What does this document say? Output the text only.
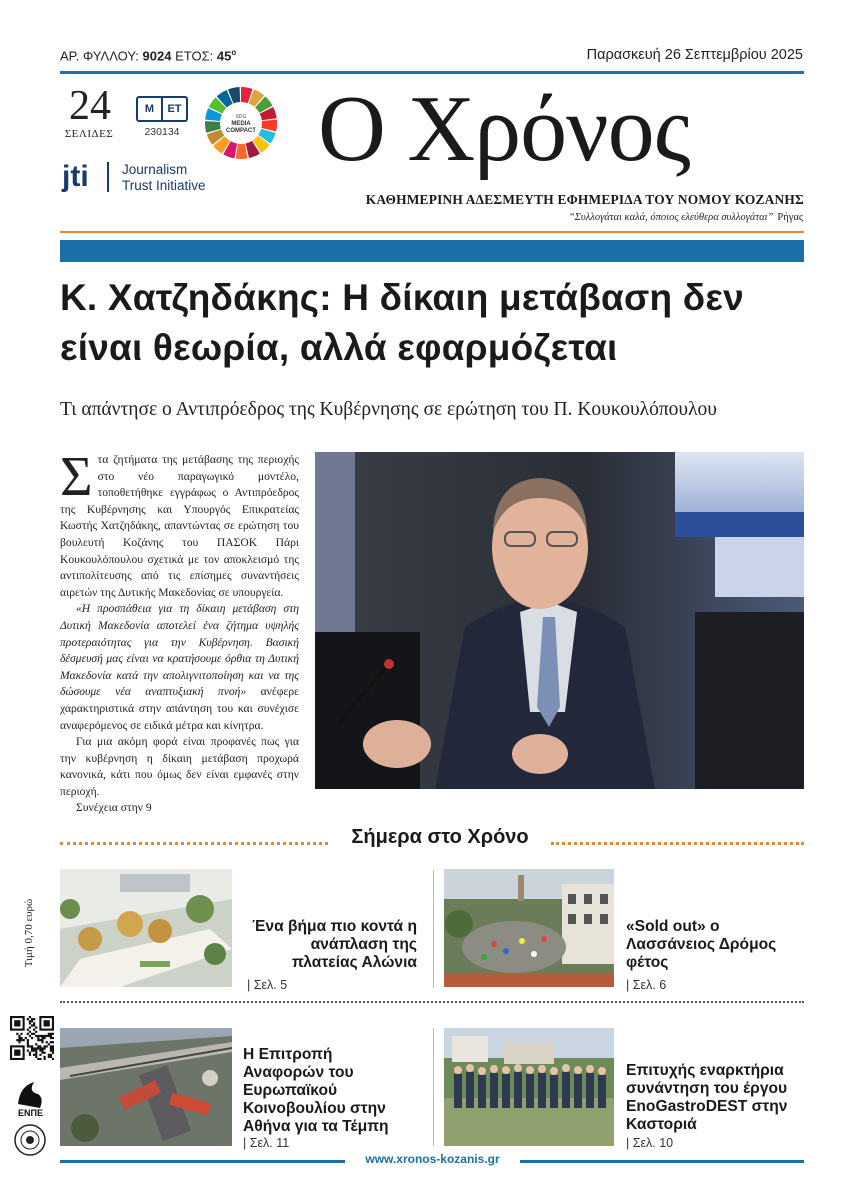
ΑΡ. ΦΥΛΛΟΥ: 9024 ΕΤΟΣ: $45^o$	Παρασκευή 26 Σεπτεμβρίου 2025
24
ΣΕΛΙΔΕΣ
Μ	ΕΤ
230134
SDG
MEDIA
COMPACT
jti Journalism
Trust Initiative
Ο Χρόνος
ΚΑΘΗΜΕΡΙΝΗ ΑΔΕΣΜΕΥΤΗ ΕΦΗΜΕΡΙΔΑ ΤΟΥ ΝΟΜΟΥ ΚΟΖΑΝΗΣ
“Συλλογάται καλά, όποιος ελεύθερα συλλογάται” Ρήγας
Κ. Χατζηδάκης: Η δίκαιη μετάβαση δεν είναι θεωρία, αλλά εφαρμόζεται
Τι απάντησε ο Αντιπρόεδρος της Κυβέρνησης σε ερώτηση του Π. Κουκουλόπουλου

Στα ζητήματα της μετάβασης της περιοχής στο νέο παραγωγικό μοντέλο, τοποθετήθηκε εγγράφως ο Αντιπρόεδρος της Κυβέρνησης και Υπουργός Επικρατείας Κωστής Χατζηδάκης, απαντώντας σε ερώτηση του βουλευτή Κοζάνης του ΠΑΣΟΚ Πάρι Κουκουλόπουλου σχετικά με τον αποκλεισμό της αντιπολίτευσης από τις επίσημες συναντήσεις αιρετών της Δυτικής Μακεδονίας σε υπουργεία.

«Η προσπάθεια για τη δίκαιη μετάβαση στη Δυτική Μακεδονία αποτελεί ένα ζήτημα υψηλής προτεραιότητας για την Κυβέρνηση. Βασική δέσμευσή μας είναι να κρατήσουμε όρθια τη Δυτική Μακεδονία κατά την απολιγνιτοποίηση και να της δώσουμε νέα αναπτυξιακή πνοή» ανέφερε χαρακτηριστικά στην απάντηση του και συνέχισε αναφερόμενος σε ειδικά μέτρα και κίνητρα.

Για μια ακόμη φορά είναι προφανές πως για την κυβέρνηση η δίκαιη μετάβαση προχωρά κανονικά, κάτι που όμως δεν είναι εμφανές στην περιοχή.

Συνέχεια στην 9

Σήμερα στο Χρόνο
Ένα βήμα πιο κοντά η ανάπλαση της πλατείας Αλώνια
| Σελ. 5
«Sold out» ο Λασσάνειος Δρόμος φέτος
| Σελ. 6
Η Επιτροπή Αναφορών του Ευρωπαϊκού Κοινοβουλίου στην Αθήνα για τα Τέμπη
| Σελ. 11
Επιτυχής εναρκτήρια συνάντηση του έργου EnoGastroDEST στην Καστοριά
| Σελ. 10
Τιμή 0,70 ευρώ
ΕΝΠΕ
www.xronos-kozanis.gr
